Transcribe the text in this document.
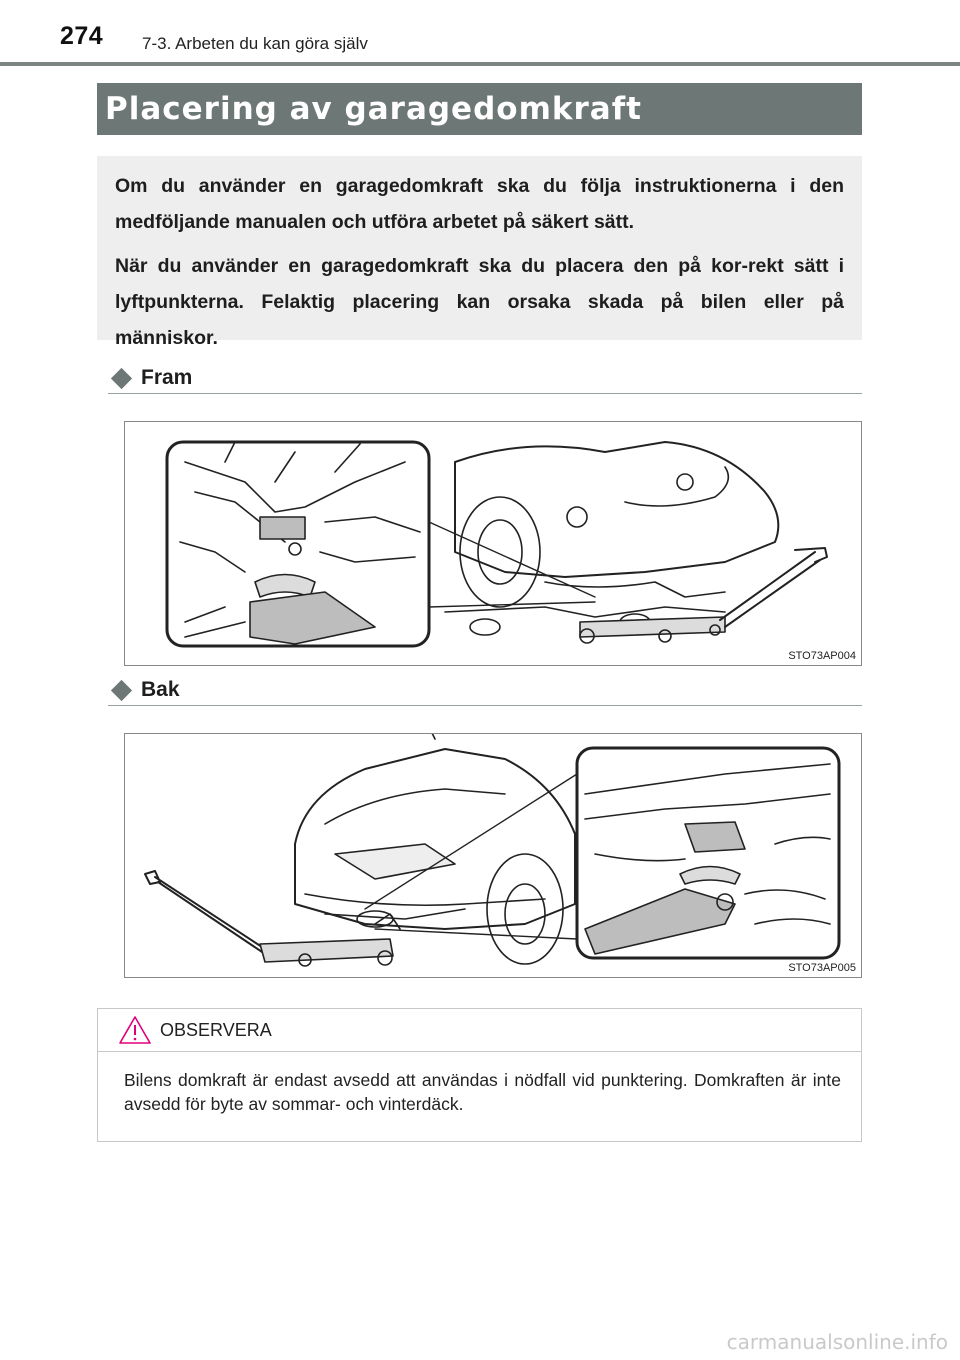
274 7-3. Arbeten du kan göra själv
Placering av garagedomkraft

Om du använder en garagedomkraft ska du följa instruktionerna i den medföljande manualen och utföra arbetet på säkert sätt.

När du använder en garagedomkraft ska du placera den på kor-rekt sätt i lyftpunkterna. Felaktig placering kan orsaka skada på bilen eller på människor.

Fram
STO73AP004
Bak
STO73AP005
OBSERVERA
Bilens domkraft är endast avsedd att användas i nödfall vid punktering. Domkraften är inte avsedd för byte av sommar- och vinterdäck.
carmanualsonline.info
